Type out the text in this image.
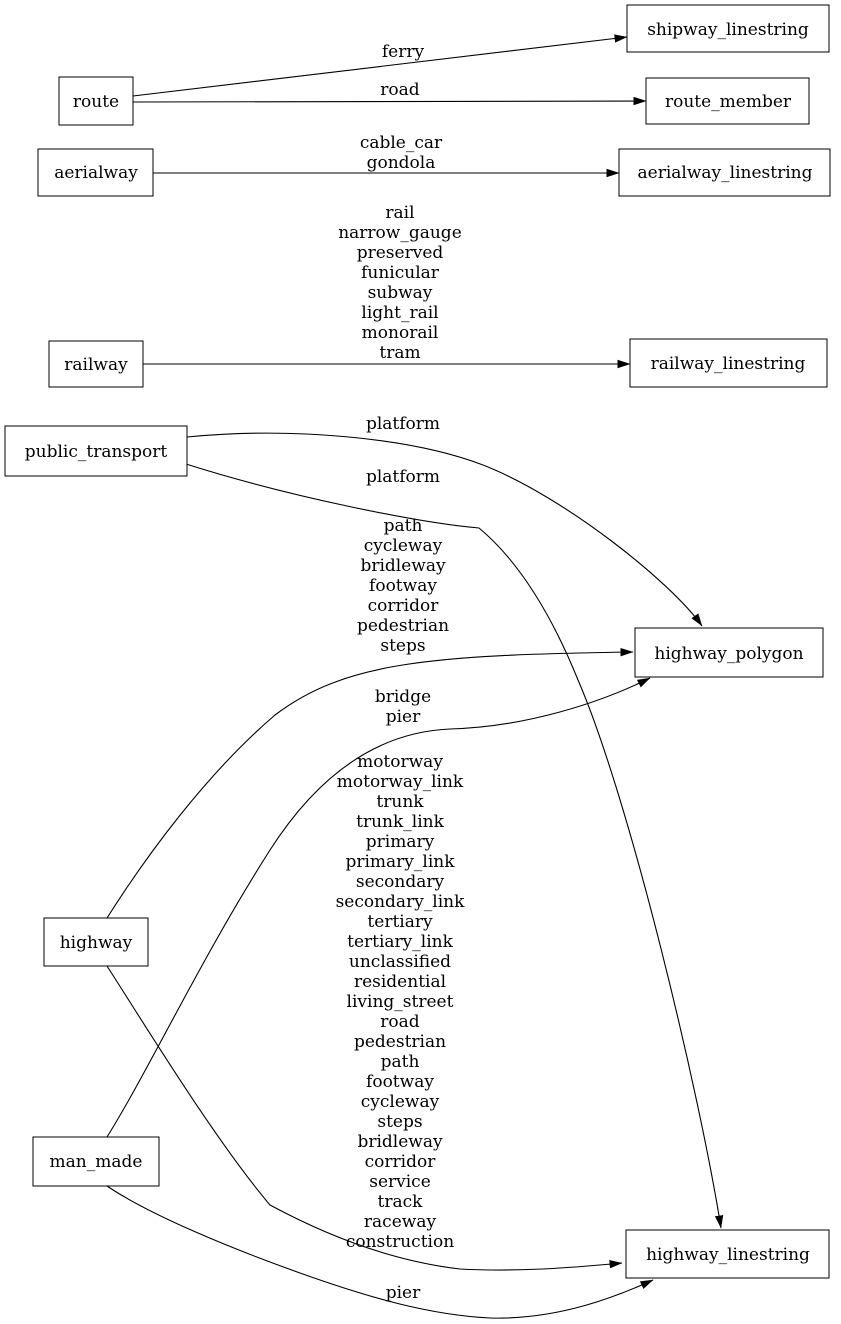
ferry
road
cable_car gondola
rail narrow_gauge preserved funicular subway light_rail monorail tram
platform
platform
path cycleway bridleway footway corridor pedestrian steps
bridge pier
motorway motorway_link trunk trunk_link primary primary_link secondary secondary_link tertiary tertiary_link unclassified residential living_street road pedestrian path footway cycleway steps bridleway corridor service track raceway construction
pier
route
aerialway
railway
public_transport
highway
man_made
shipway_linestring
route_member
aerialway_linestring
railway_linestring
highway_polygon
highway_linestring
